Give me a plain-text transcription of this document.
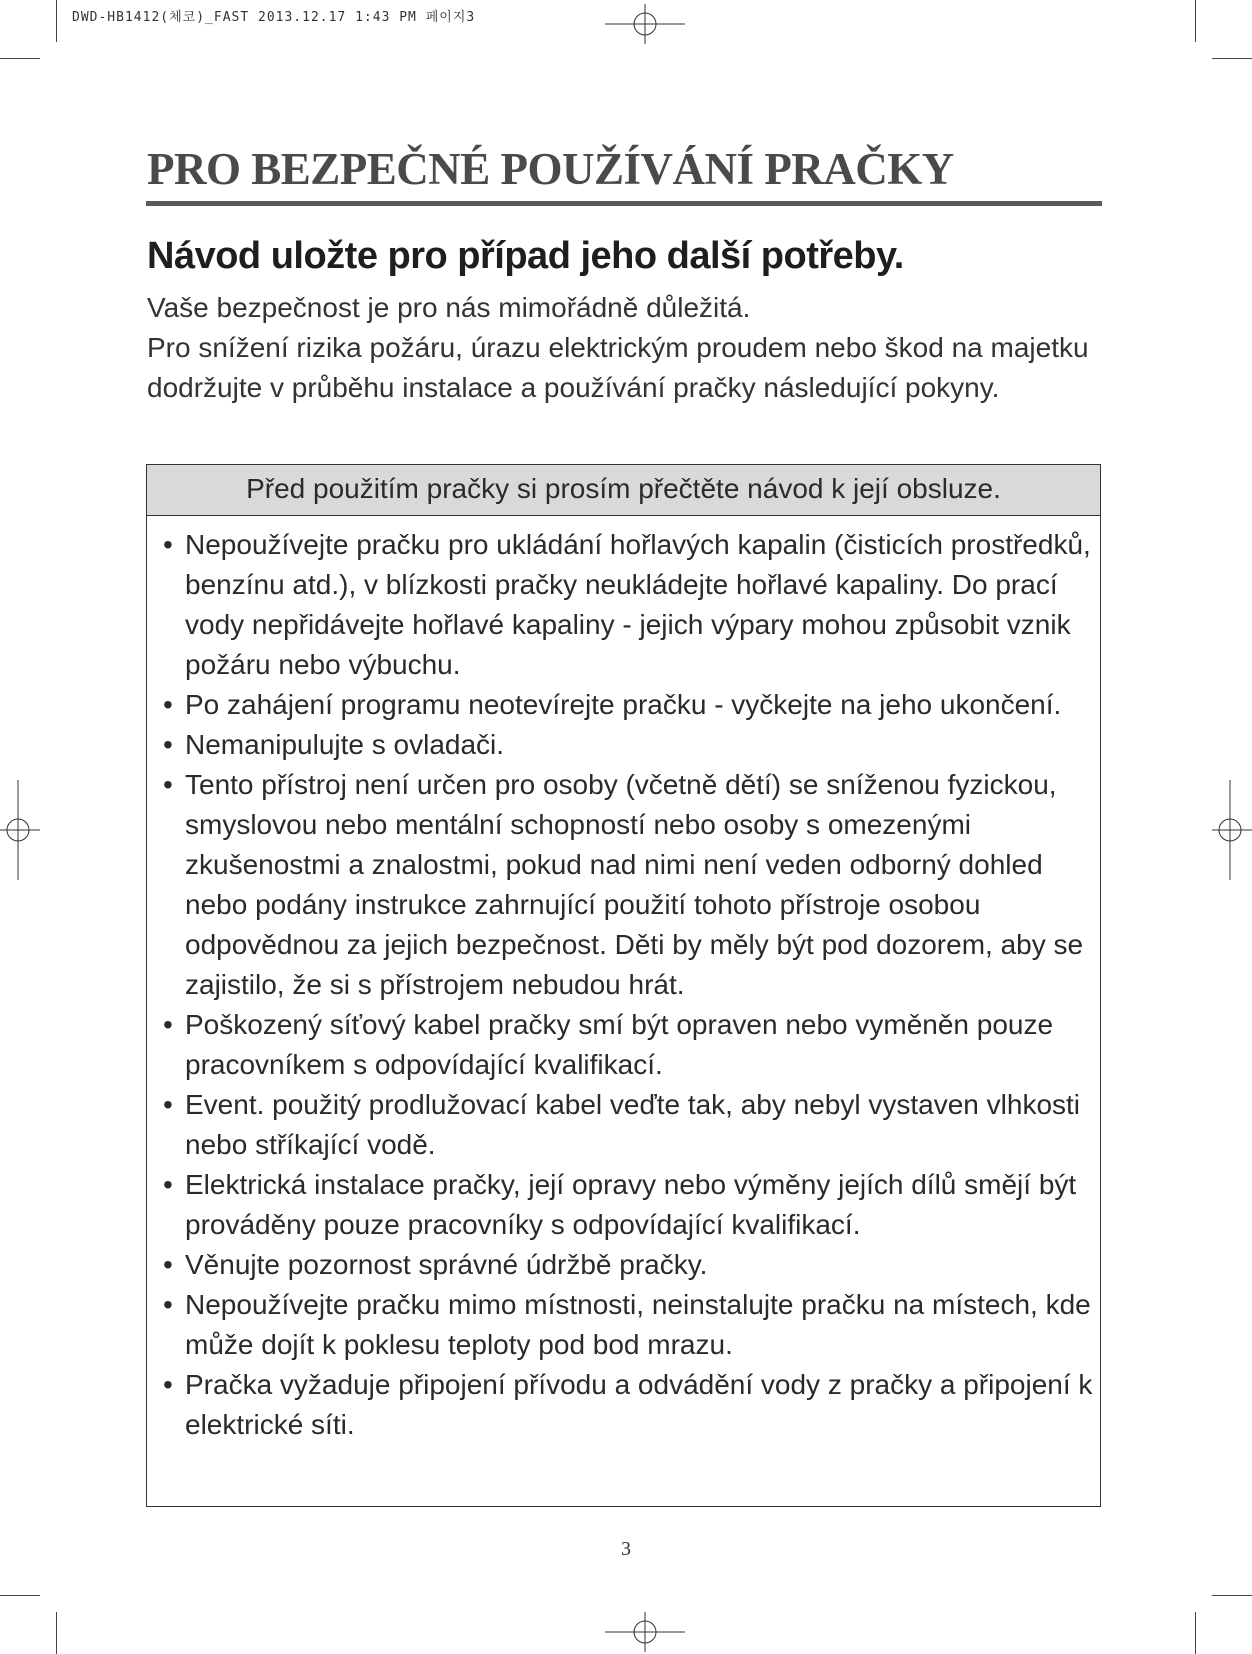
DWD-HB1412(체코)_FAST 2013.12.17 1:43 PM 페이지3
PRO BEZPEČNÉ POUŽÍVÁNÍ PRAČKY
Návod uložte pro případ jeho další potřeby.

Vaše bezpečnost je pro nás mimořádně důležitá.

Pro snížení rizika požáru, úrazu elektrickým proudem nebo škod na majetku dodržujte v průběhu instalace a používání pračky následující pokyny.

Před použitím pračky si prosím přečtěte návod k její obsluze.
• Nepoužívejte pračku pro ukládání hořlavých kapalin (čisticích prostředků, benzínu atd.), v blízkosti pračky neukládejte hořlavé kapaliny. Do prací vody nepřidávejte hořlavé kapaliny - jejich výpary mohou způsobit vznik požáru nebo výbuchu.
• Po zahájení programu neotevírejte pračku - vyčkejte na jeho ukončení.
• Nemanipulujte s ovladači.
• Tento přístroj není určen pro osoby (včetně dětí) se sníženou fyzickou, smyslovou nebo mentální schopností nebo osoby s omezenými zkušenostmi a znalostmi, pokud nad nimi není veden odborný dohled nebo podány instrukce zahrnující použití tohoto přístroje osobou odpovědnou za jejich bezpečnost. Děti by měly být pod dozorem, aby se zajistilo, že si s přístrojem nebudou hrát.
• Poškozený síťový kabel pračky smí být opraven nebo vyměněn pouze pracovníkem s odpovídající kvalifikací.
• Event. použitý prodlužovací kabel veďte tak, aby nebyl vystaven vlhkosti nebo stříkající vodě.
• Elektrická instalace pračky, její opravy nebo výměny jejích dílů smějí být prováděny pouze pracovníky s odpovídající kvalifikací.
• Věnujte pozornost správné údržbě pračky.
• Nepoužívejte pračku mimo místnosti, neinstalujte pračku na místech, kde může dojít k poklesu teploty pod bod mrazu.
• Pračka vyžaduje připojení přívodu a odvádění vody z pračky a připojení k elektrické síti.
3
